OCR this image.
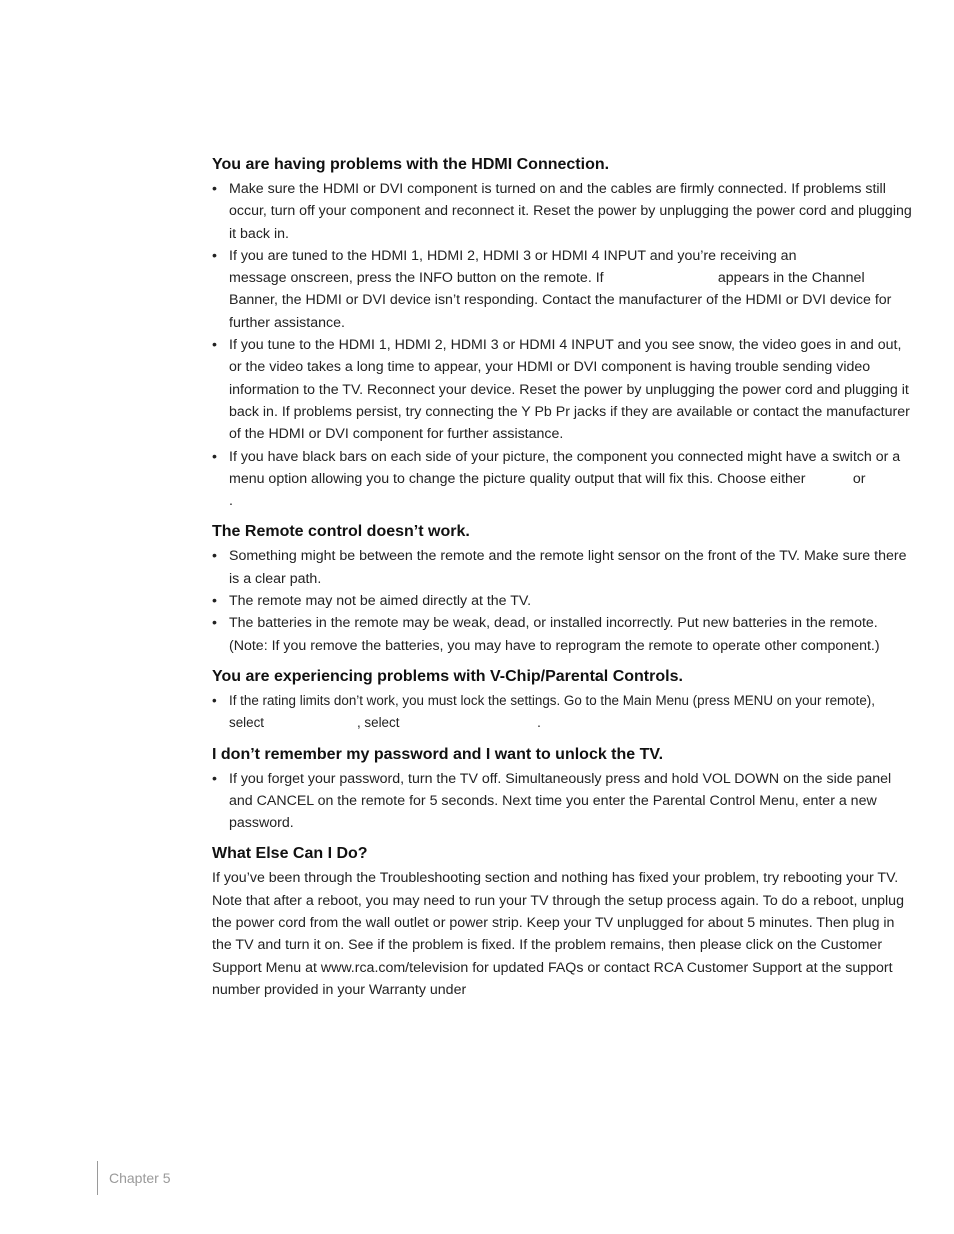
You are having problems with the HDMI Connection.
• Make sure the HDMI or DVI component is turned on and the cables are firmly connected. If problems still occur, turn off your component and reconnect it. Reset the power by unplugging the power cord and plugging it back in.
• If you are tuned to the HDMI 1, HDMI 2, HDMI 3 or HDMI 4 INPUT and you’re receiving an                       message onscreen, press the INFO button on the remote. If                             appears in the Channel Banner, the HDMI or DVI device isn’t responding. Contact the manufacturer of the HDMI or DVI device for further assistance.
• If you tune to the HDMI 1, HDMI 2, HDMI 3 or HDMI 4 INPUT and you see snow, the video goes in and out, or the video takes a long time to appear, your HDMI or DVI component is having trouble sending video information to the TV. Reconnect your device. Reset the power by unplugging the power cord and plugging it back in. If problems persist, try connecting the Y Pb Pr jacks if they are available or contact the manufacturer of the HDMI or DVI component for further assistance.
• If you have black bars on each side of your picture, the component you connected might have a switch or a menu option allowing you to change the picture quality output that will fix this. Choose either            or           .
The Remote control doesn’t work.
• Something might be between the remote and the remote light sensor on the front of the TV. Make sure there is a clear path.
• The remote may not be aimed directly at the TV.
• The batteries in the remote may be weak, dead, or installed incorrectly. Put new batteries in the remote. (Note: If you remove the batteries, you may have to reprogram the remote to operate other component.)
You are experiencing problems with V-Chip/Parental Controls.
• If the rating limits don’t work, you must lock the settings. Go to the Main Menu (press MENU on your remote), select                         , select                                     .
I don’t remember my password and I want to unlock the TV.
• If you forget your password, turn the TV off. Simultaneously press and hold VOL DOWN on the side panel and CANCEL on the remote for 5 seconds. Next time you enter the Parental Control Menu, enter a new password.
What Else Can I Do?

If you’ve been through the Troubleshooting section and nothing has fixed your problem, try rebooting your TV. Note that after a reboot, you may need to run your TV through the setup process again. To do a reboot, unplug the power cord from the wall outlet or power strip. Keep your TV unplugged for about 5 minutes. Then plug in the TV and turn it on. See if the problem is fixed. If the problem remains, then please click on the Customer Support Menu at www.rca.com/television for updated FAQs or contact RCA Customer Support at the support number provided in your Warranty under

Chapter 5
